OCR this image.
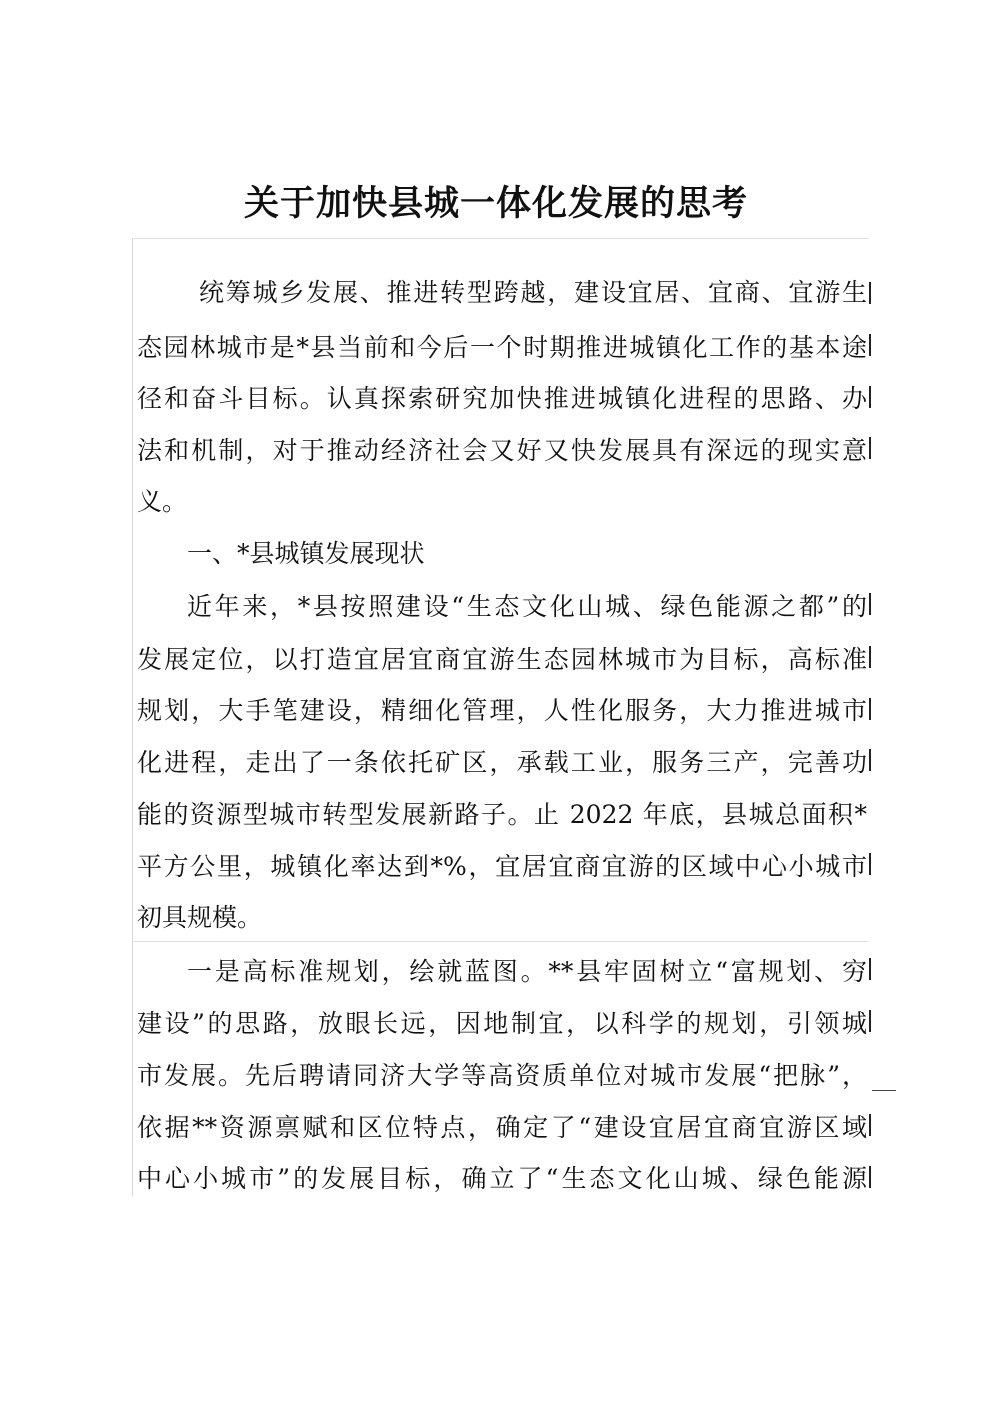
关于加快县城一体化发展的思考
统筹城乡发展、推进转型跨越，建设宜居、宜商、宜游生
态园林城市是*县当前和今后一个时期推进城镇化工作的基本途
径和奋斗目标。认真探索研究加快推进城镇化进程的思路、办
法和机制，对于推动经济社会又好又快发展具有深远的现实意
义。
一、*县城镇发展现状
近年来，*县按照建设“生态文化山城、绿色能源之都”的
发展定位，以打造宜居宜商宜游生态园林城市为目标，高标准
规划，大手笔建设，精细化管理，人性化服务，大力推进城市
化进程，走出了一条依托矿区，承载工业，服务三产，完善功
能的资源型城市转型发展新路子。止 2022 年底，县城总面积*
平方公里，城镇化率达到*%，宜居宜商宜游的区域中心小城市
初具规模。
一是高标准规划，绘就蓝图。**县牢固树立“富规划、穷
建设”的思路，放眼长远，因地制宜，以科学的规划，引领城
市发展。先后聘请同济大学等高资质单位对城市发展“把脉”，
依据**资源禀赋和区位特点，确定了“建设宜居宜商宜游区域
中心小城市”的发展目标，确立了“生态文化山城、绿色能源
